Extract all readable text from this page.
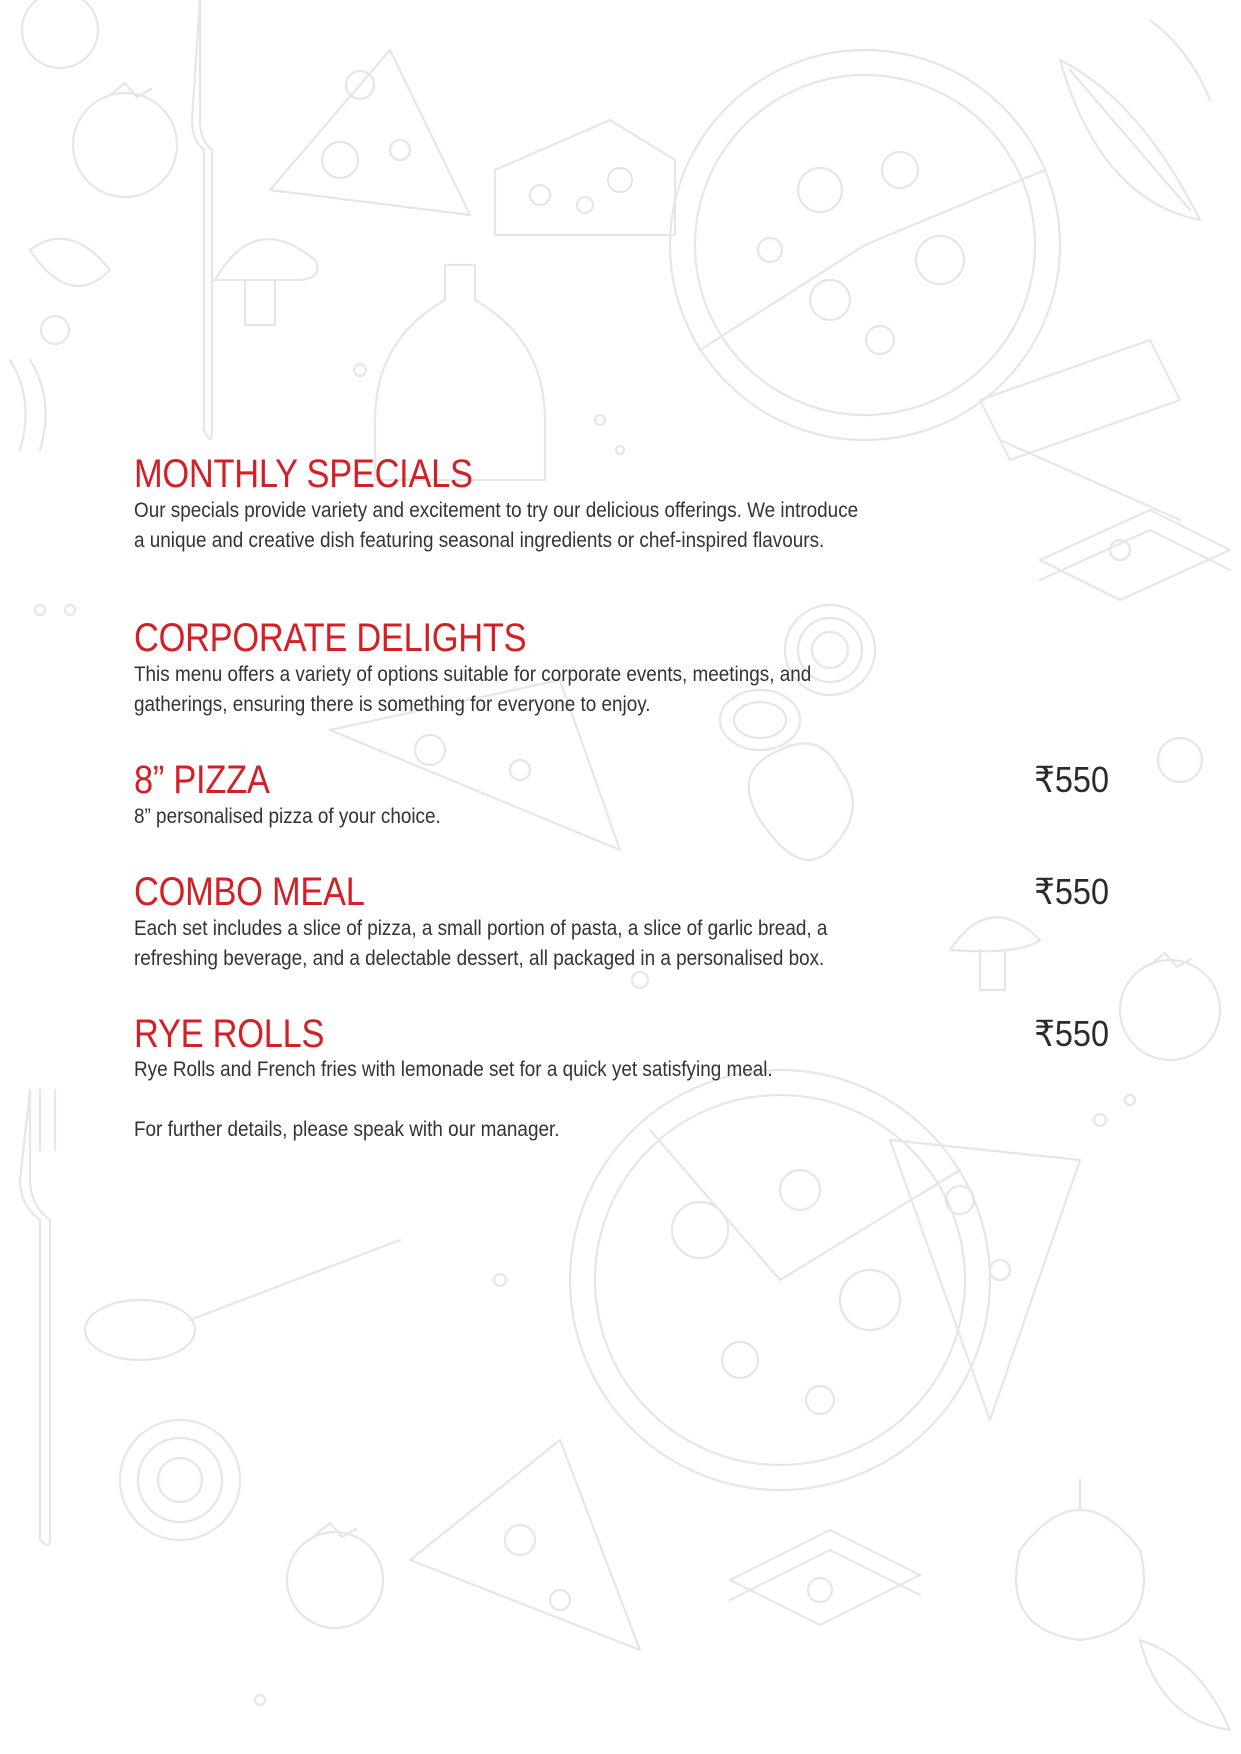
MONTHLY SPECIALS
Our specials provide variety and excitement to try our delicious offerings. We introduce
a unique and creative dish featuring seasonal ingredients or chef-inspired flavours.
CORPORATE DELIGHTS
This menu offers a variety of options suitable for corporate events, meetings, and
gatherings, ensuring there is something for everyone to enjoy.
8” PIZZA	₹550
8” personalised pizza of your choice.
COMBO MEAL	₹550
Each set includes a slice of pizza, a small portion of pasta, a slice of garlic bread, a
refreshing beverage, and a delectable dessert, all packaged in a personalised box.
RYE ROLLS	₹550
Rye Rolls and French fries with lemonade set for a quick yet satisfying meal.
For further details, please speak with our manager.
